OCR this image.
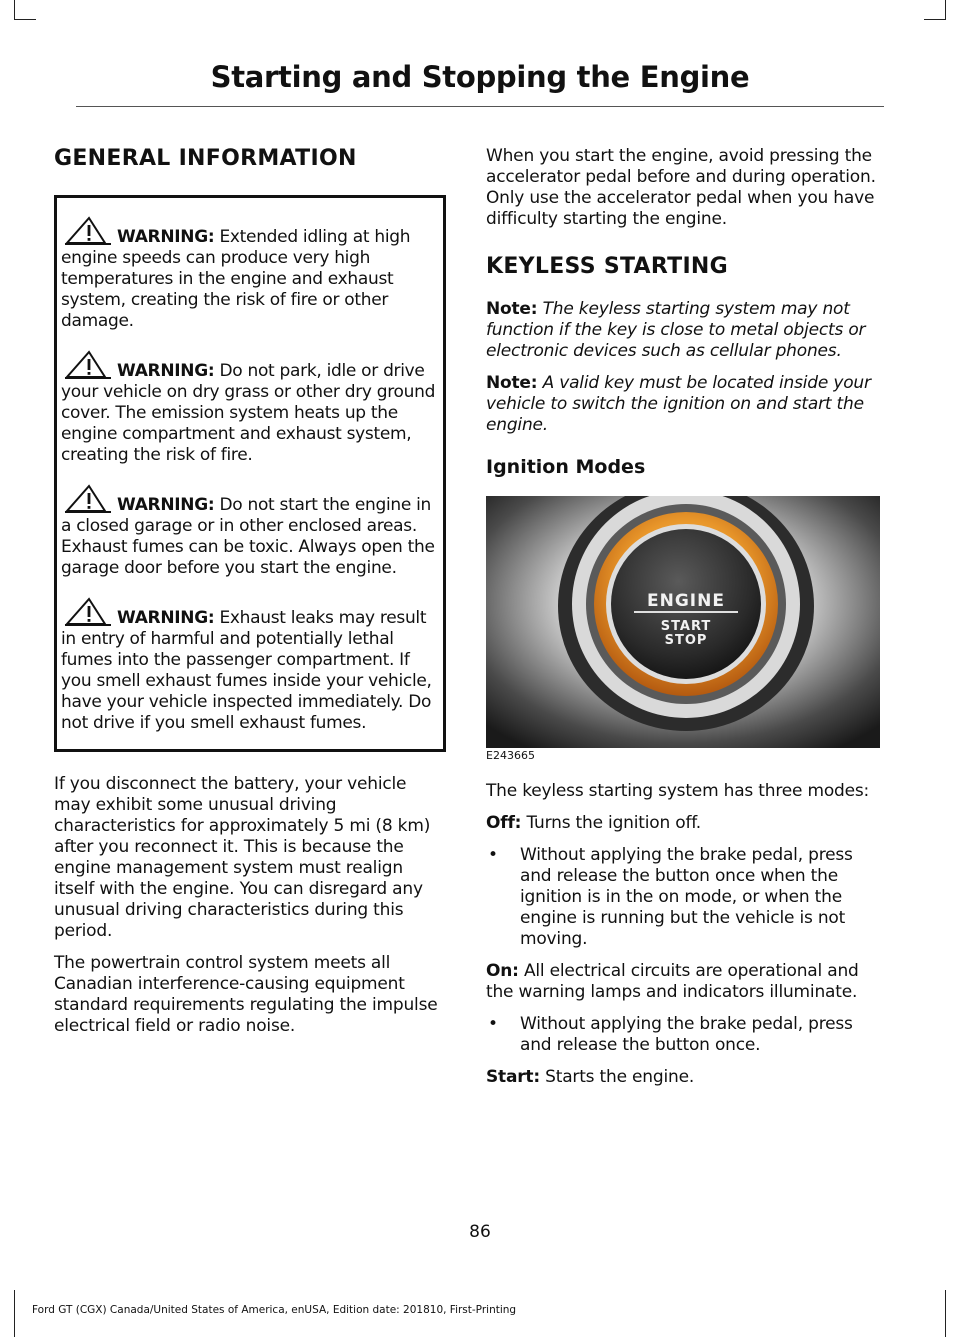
Starting and Stopping the Engine
GENERAL INFORMATION
WARNING: Extended idling at high engine speeds can produce very high temperatures in the engine and exhaust system, creating the risk of fire or other damage.
WARNING: Do not park, idle or drive your vehicle on dry grass or other dry ground cover. The emission system heats up the engine compartment and exhaust system, creating the risk of fire.
WARNING: Do not start the engine in a closed garage or in other enclosed areas. Exhaust fumes can be toxic. Always open the garage door before you start the engine.
WARNING: Exhaust leaks may result in entry of harmful and potentially lethal fumes into the passenger compartment. If you smell exhaust fumes inside your vehicle, have your vehicle inspected immediately. Do not drive if you smell exhaust fumes.

If you disconnect the battery, your vehicle may exhibit some unusual driving characteristics for approximately 5 mi (8 km) after you reconnect it. This is because the engine management system must realign itself with the engine. You can disregard any unusual driving characteristics during this period.

The powertrain control system meets all Canadian interference-causing equipment standard requirements regulating the impulse electrical field or radio noise.

When you start the engine, avoid pressing the accelerator pedal before and during operation. Only use the accelerator pedal when you have difficulty starting the engine.

KEYLESS STARTING

Note: The keyless starting system may not function if the key is close to metal objects or electronic devices such as cellular phones.

Note: A valid key must be located inside your vehicle to switch the ignition on and start the engine.

Ignition Modes
ENGINE
START
STOP
E243665

The keyless starting system has three modes:

Off: Turns the ignition off.

• Without applying the brake pedal, press and release the button once when the ignition is in the on mode, or when the engine is running but the vehicle is not moving.

On: All electrical circuits are operational and the warning lamps and indicators illuminate.

• Without applying the brake pedal, press and release the button once.

Start: Starts the engine.

86
Ford GT (CGX) Canada/United States of America, enUSA, Edition date: 201810, First-Printing
